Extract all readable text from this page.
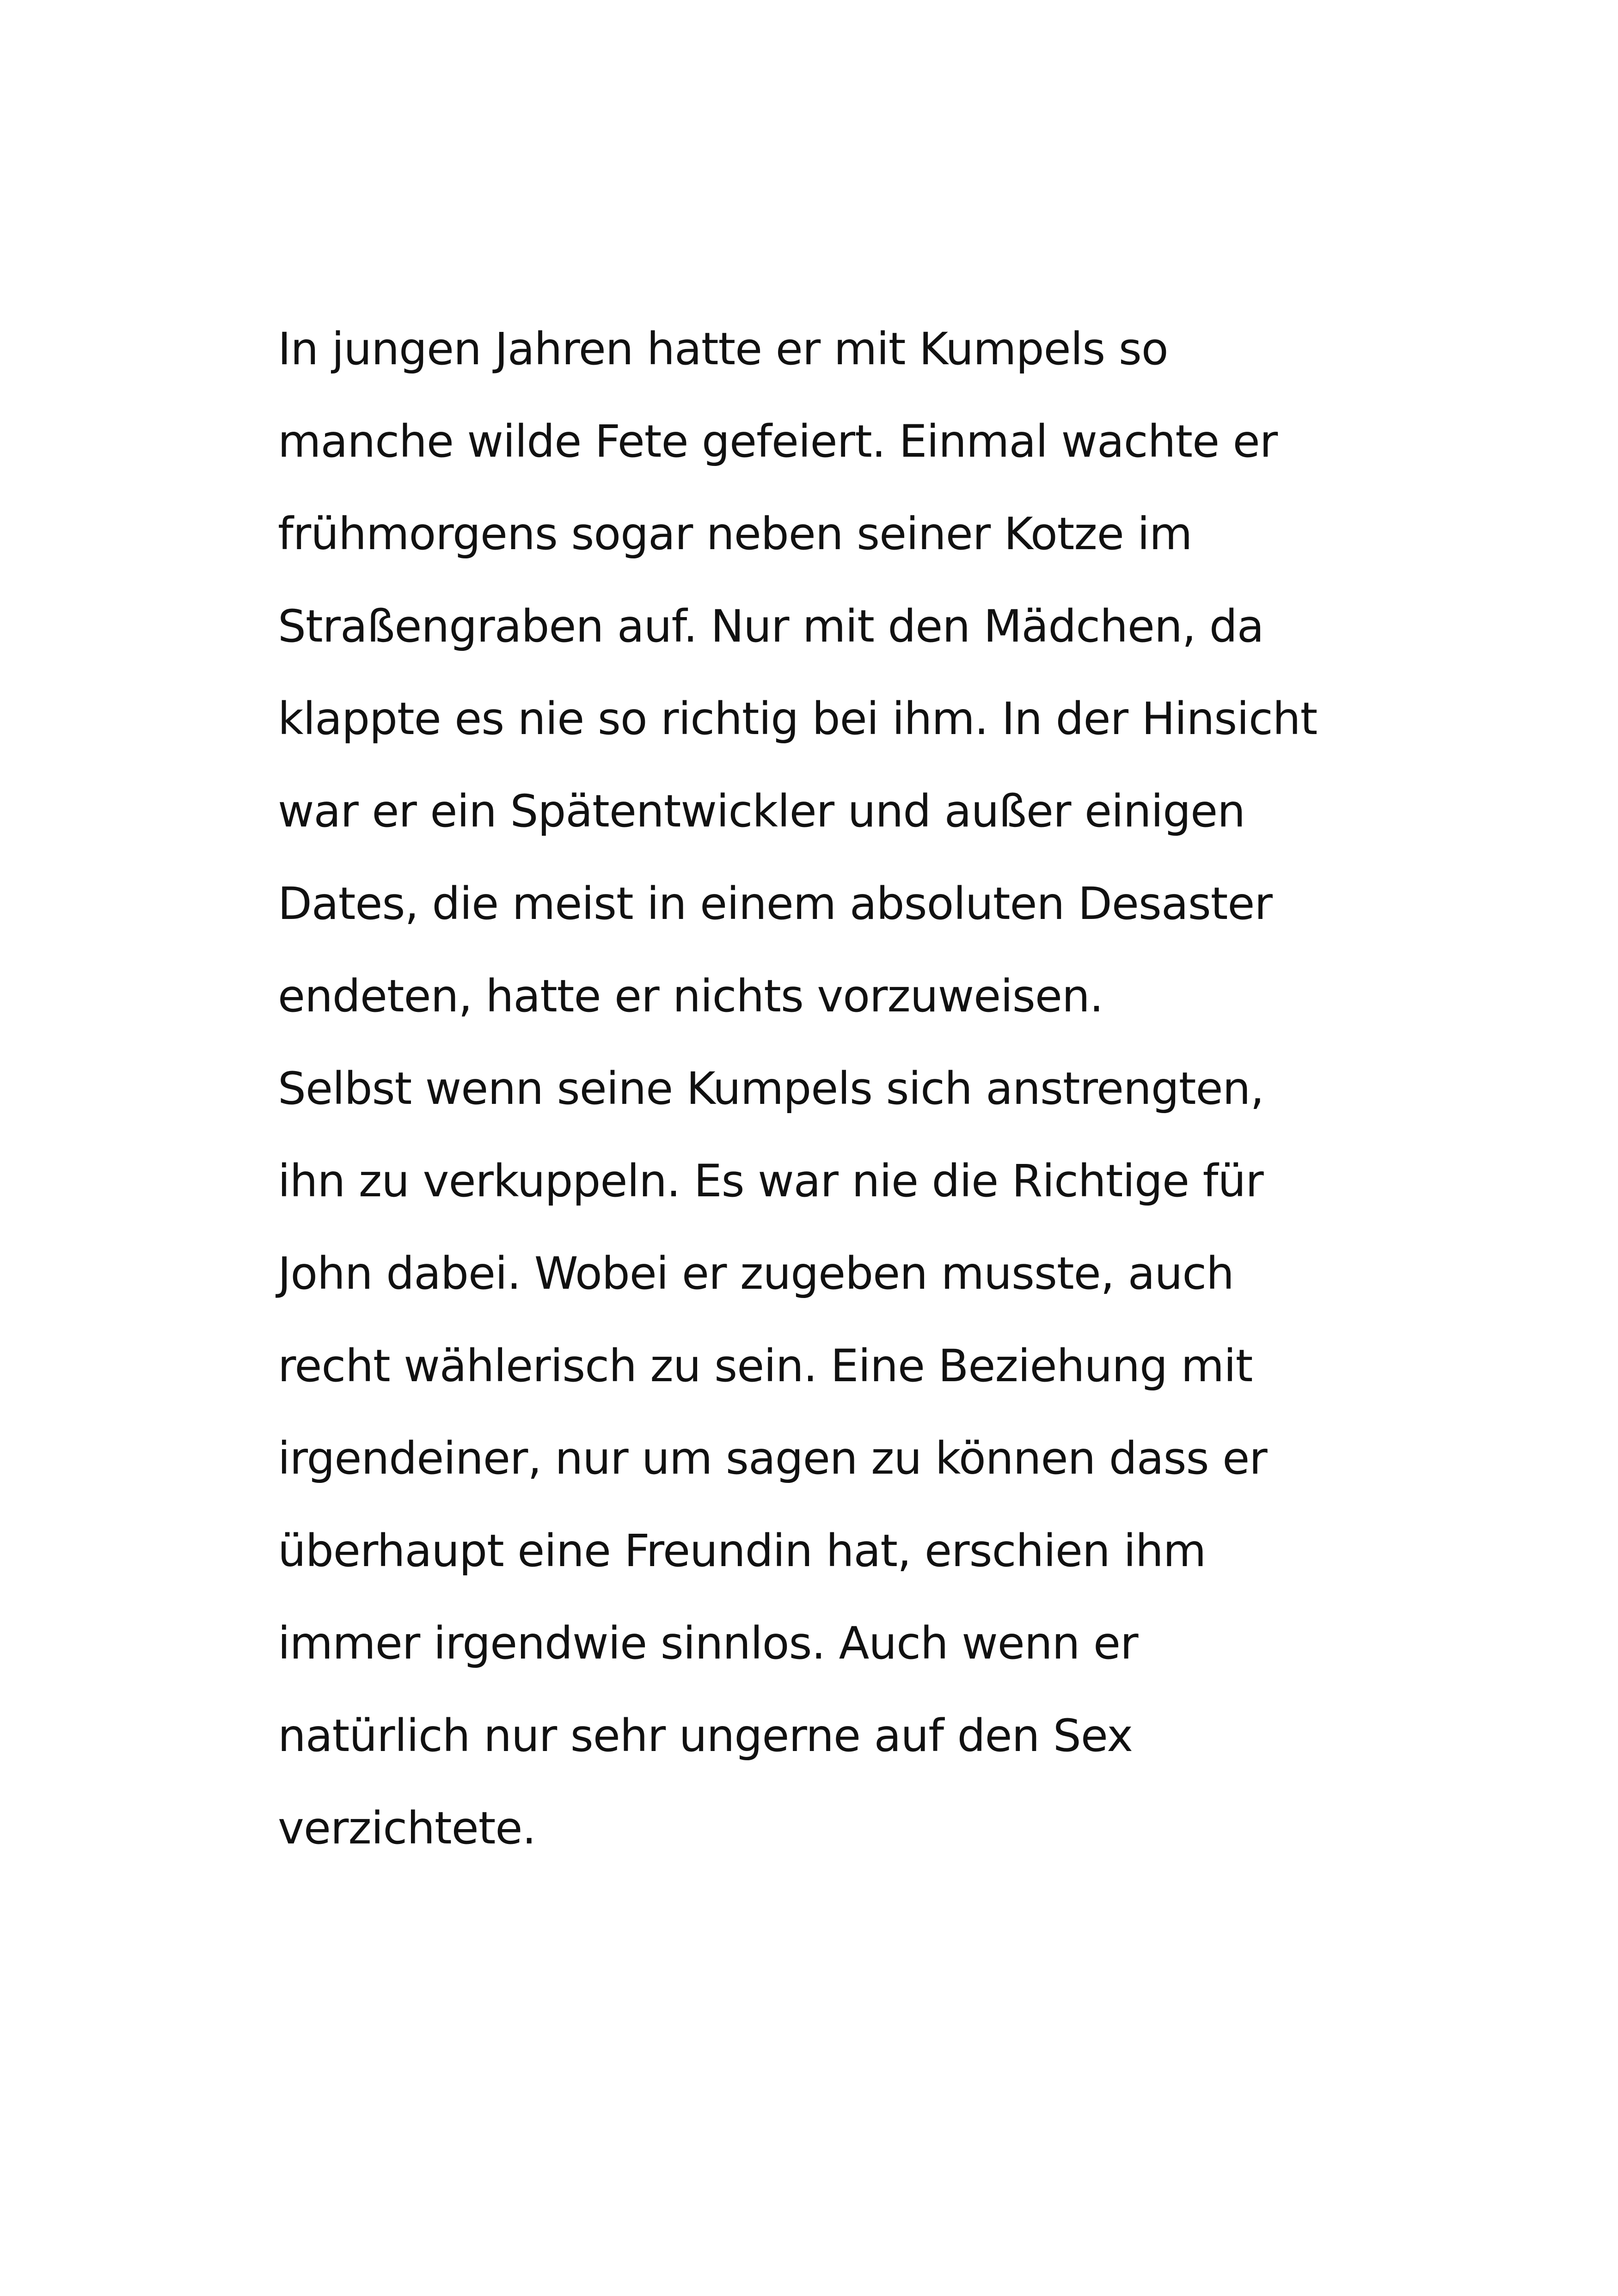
In jungen Jahren hatte er mit Kumpels so
manche wilde Fete gefeiert. Einmal wachte er
frühmorgens sogar neben seiner Kotze im
Straßengraben auf. Nur mit den Mädchen, da
klappte es nie so richtig bei ihm. In der Hinsicht
war er ein Spätentwickler und außer einigen
Dates, die meist in einem absoluten Desaster
endeten, hatte er nichts vorzuweisen.
Selbst wenn seine Kumpels sich anstrengten,
ihn zu verkuppeln. Es war nie die Richtige für
John dabei. Wobei er zugeben musste, auch
recht wählerisch zu sein. Eine Beziehung mit
irgendeiner, nur um sagen zu können dass er
überhaupt eine Freundin hat, erschien ihm
immer irgendwie sinnlos. Auch wenn er
natürlich nur sehr ungerne auf den Sex
verzichtete.
